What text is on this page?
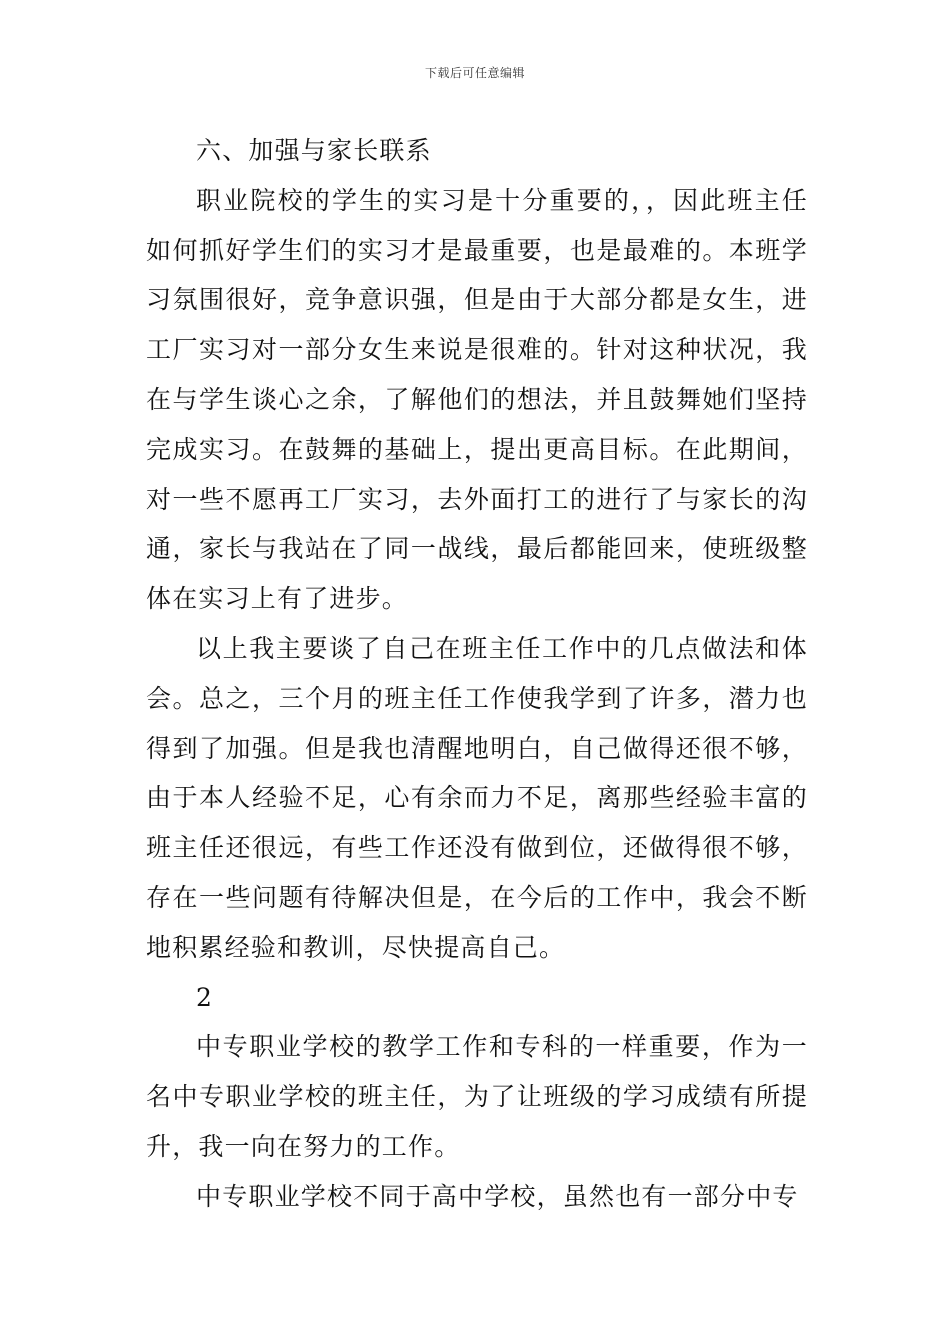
下载后可任意编辑

六、加强与家长联系

职业院校的学生的实习是十分重要的，，因此班主任如何抓好学生们的实习才是最重要，也是最难的。本班学习氛围很好，竞争意识强，但是由于大部分都是女生，进工厂实习对一部分女生来说是很难的。针对这种状况，我在与学生谈心之余，了解他们的想法，并且鼓舞她们坚持完成实习。在鼓舞的基础上，提出更高目标。在此期间，对一些不愿再工厂实习，去外面打工的进行了与家长的沟通，家长与我站在了同一战线，最后都能回来，使班级整体在实习上有了进步。

以上我主要谈了自己在班主任工作中的几点做法和体会。总之，三个月的班主任工作使我学到了许多，潜力也得到了加强。但是我也清醒地明白，自己做得还很不够，由于本人经验不足，心有余而力不足，离那些经验丰富的班主任还很远，有些工作还没有做到位，还做得很不够，存在一些问题有待解决但是，在今后的工作中，我会不断地积累经验和教训，尽快提高自己。

2

中专职业学校的教学工作和专科的一样重要，作为一名中专职业学校的班主任，为了让班级的学习成绩有所提升，我一向在努力的工作。

中专职业学校不同于高中学校，虽然也有一部分中专
